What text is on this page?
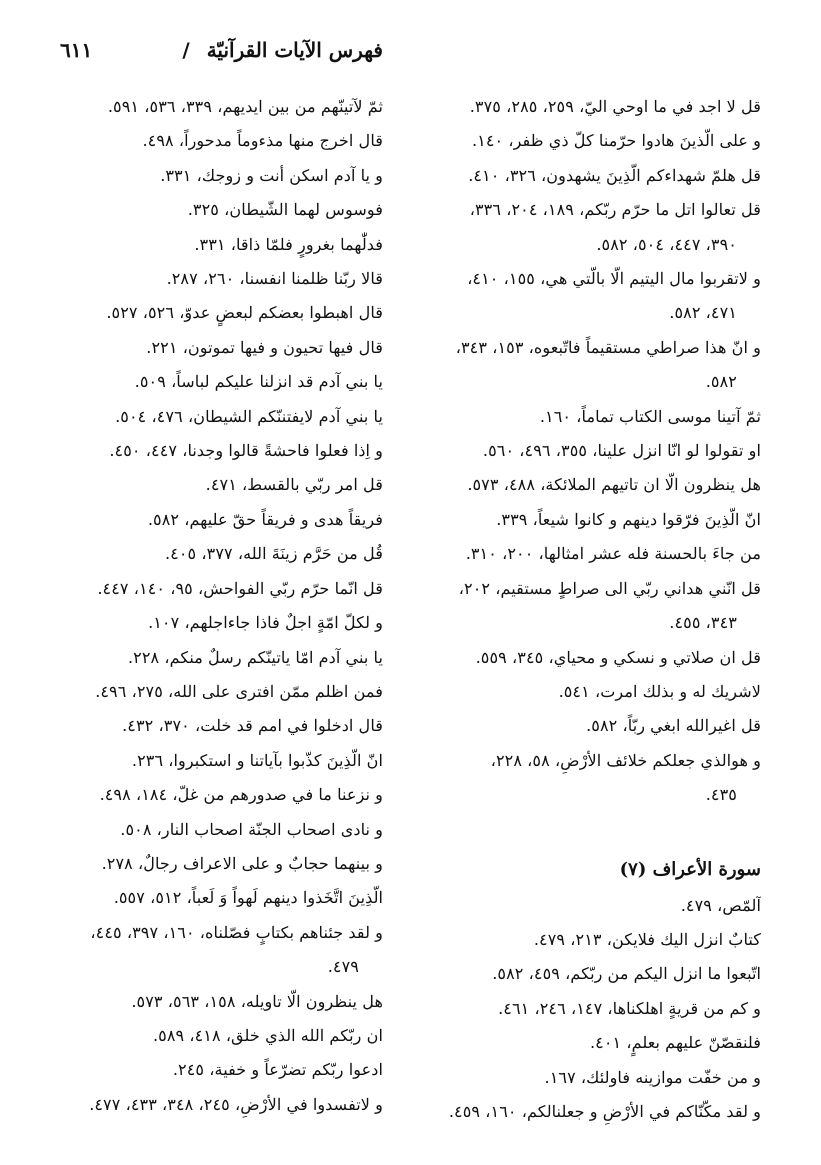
فهرس الآيات القرآنيّة /
٦١١
قل لا اجد في ما اوحي اليّ، ٢٥٩، ٢٨٥، ٣٧٥.
و على الّذينَ هادوا حرّمنا كلّ ذي ظفر، ١٤٠.
قل هلمّ شهداءكم الّذِينَ يشهدون، ٣٢٦، ٤١٠.
قل تعالوا اتل ما حرّم ربّكم، ١٨٩، ٢٠٤، ٣٣٦،
٣٩٠، ٤٤٧، ٥٠٤، ٥٨٢.
و لاتقربوا مال اليتيم الّا بالّتي هي، ١٥٥، ٤١٠،
٤٧١، ٥٨٢.
و انّ هذا صراطي مستقيماً فاتّبعوه، ١٥٣، ٣٤٣،
٥٨٢.
ثمّ آتينا موسى الكتاب تماماً، ١٦٠.
او تقولوا لو انّا انزل علينا، ٣٥٥، ٤٩٦، ٥٦٠.
هل ينظرون الّا ان تاتيهم الملائكة، ٤٨٨، ٥٧٣.
انّ الّذِينَ فرّقوا دينهم و كانوا شيعاً، ٣٣٩.
من جاءَ بالحسنة فله عشر امثالها، ٢٠٠، ٣١٠.
قل انّني هداني ربّي الى صراطٍ مستقيم، ٢٠٢،
٣٤٣، ٤٥٥.
قل ان صلاتي و نسكي و محياي، ٣٤٥، ٥٥٩.
لاشريك له و بذلك امرت، ٥٤١.
قل اغيرالله ابغي ربّاً، ٥٨٢.
و هوالذي جعلكم خلائف الأرْضِ، ٥٨، ٢٢٨،
٤٣٥.
سورة الأعراف (٧)
آلمّص، ٤٧٩.
كتابٌ انزل اليك فلايكن، ٢١٣، ٤٧٩.
اتّبعوا ما انزل اليكم من ربّكم، ٤٥٩، ٥٨٢.
و كم من قريةٍ اهلكناها، ١٤٧، ٢٤٦، ٤٦١.
فلنقصّنّ عليهم بعلمٍ، ٤٠١.
و من خفّت موازينه فاولئك، ١٦٧.
و لقد مكّنّاكم في الأرْضِ و جعلنالكم، ١٦٠، ٤٥٩.
ثمّ لآتينّهم من بين ايديهم، ٣٣٩، ٥٣٦، ٥٩١.
قال اخرج منها مذءوماً مدحوراً، ٤٩٨.
و يا آدم اسكن أنت و زوجك، ٣٣١.
فوسوس لهما الشّيطان، ٣٢٥.
فدلّٰهما بغرورٍ فلمّا ذاقا، ٣٣١.
قالا ربّنا ظلمنا انفسنا، ٢٦٠، ٢٨٧.
قال اهبطوا بعضكم لبعضٍ عدوّ، ٥٢٦، ٥٢٧.
قال فيها تحيون و فيها تموتون، ٢٢١.
يا بني آدم قد انزلنا عليكم لباساً، ٥٠٩.
يا بني آدم لايفتننّكم الشيطان، ٤٧٦، ٥٠٤.
و اِذا فعلوا فاحشةً قالوا وجدنا، ٤٤٧، ٤٥٠.
قل امر ربّي بالقسط، ٤٧١.
فريقاً هدى و فريقاً حقّ عليهم، ٥٨٢.
قُل من حَرَّم زينَةَ الله، ٣٧٧، ٤٠٥.
قل انّما حرّم ربّي الفواحش، ٩٥، ١٤٠، ٤٤٧.
و لكلّ امّةٍ اجلٌ فاذا جاءاجلهم، ١٠٧.
يا بني آدم امّا ياتينّكم رسلٌ منكم، ٢٢٨.
فمن اظلم ممّن افترى على الله، ٢٧٥، ٤٩٦.
قال ادخلوا في امم قد خلت، ٣٧٠، ٤٣٢.
انّ الّذِينَ كذّبوا بآياتنا و استكبروا، ٢٣٦.
و نزعنا ما في صدورهم من غلّ، ١٨٤، ٤٩٨.
و نادى اصحاب الجنّة اصحاب النار، ٥٠٨.
و بينهما حجابٌ و على الاعراف رجالٌ، ٢٧٨.
الّذِينَ اتَّخَذوا دينهم لَهواً وَ لَعباً، ٥١٢، ٥٥٧.
و لقد جئناهم بكتابٍ فصّلناه، ١٦٠، ٣٩٧، ٤٤٥،
٤٧٩.
هل ينظرون الّا تاويله، ١٥٨، ٥٦٣، ٥٧٣.
ان ربّكم الله الذي خلق، ٤١٨، ٥٨٩.
ادعوا ربّكم تضرّعاً و خفية، ٢٤٥.
و لاتفسدوا في الأرْضِ، ٢٤٥، ٣٤٨، ٤٣٣، ٤٧٧.
